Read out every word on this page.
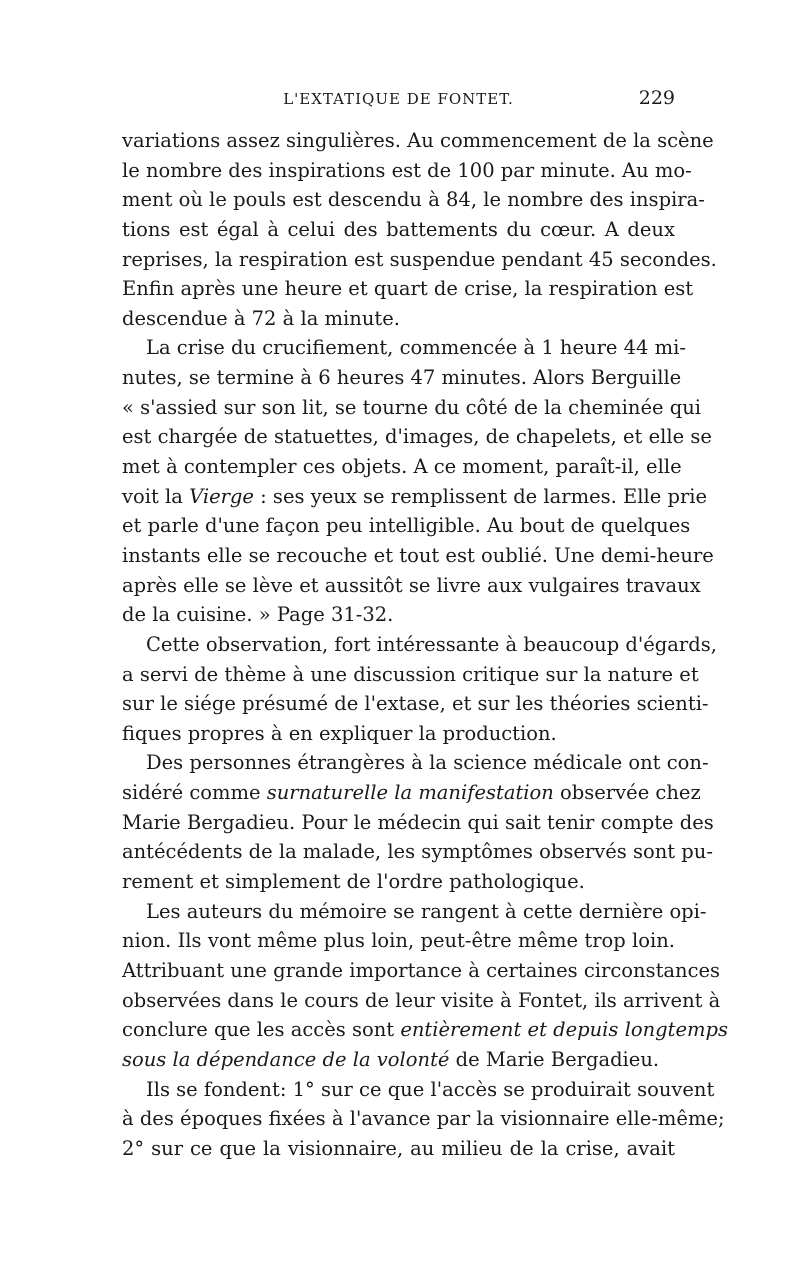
L'EXTATIQUE DE FONTET.	229
variations assez singulières. Au commencement de la scène
le nombre des inspirations est de 100 par minute. Au mo-
ment où le pouls est descendu à 84, le nombre des inspira-
tions est égal à celui des battements du cœur. A deux
reprises, la respiration est suspendue pendant 45 secondes.
Enfin après une heure et quart de crise, la respiration est
descendue à 72 à la minute.
La crise du crucifiement, commencée à 1 heure 44 mi-
nutes, se termine à 6 heures 47 minutes. Alors Berguille
« s'assied sur son lit, se tourne du côté de la cheminée qui
est chargée de statuettes, d'images, de chapelets, et elle se
met à contempler ces objets. A ce moment, paraît-il, elle
voit la Vierge : ses yeux se remplissent de larmes. Elle prie
et parle d'une façon peu intelligible. Au bout de quelques
instants elle se recouche et tout est oublié. Une demi-heure
après elle se lève et aussitôt se livre aux vulgaires travaux
de la cuisine. » Page 31-32.
Cette observation, fort intéressante à beaucoup d'égards,
a servi de thème à une discussion critique sur la nature et
sur le siége présumé de l'extase, et sur les théories scienti-
fiques propres à en expliquer la production.
Des personnes étrangères à la science médicale ont con-
sidéré comme surnaturelle la manifestation observée chez
Marie Bergadieu. Pour le médecin qui sait tenir compte des
antécédents de la malade, les symptômes observés sont pu-
rement et simplement de l'ordre pathologique.
Les auteurs du mémoire se rangent à cette dernière opi-
nion. Ils vont même plus loin, peut-être même trop loin.
Attribuant une grande importance à certaines circonstances
observées dans le cours de leur visite à Fontet, ils arrivent à
conclure que les accès sont entièrement et depuis longtemps
sous la dépendance de la volonté de Marie Bergadieu.
Ils se fondent: 1° sur ce que l'accès se produirait souvent
à des époques fixées à l'avance par la visionnaire elle-même;
2° sur ce que la visionnaire, au milieu de la crise, avait
